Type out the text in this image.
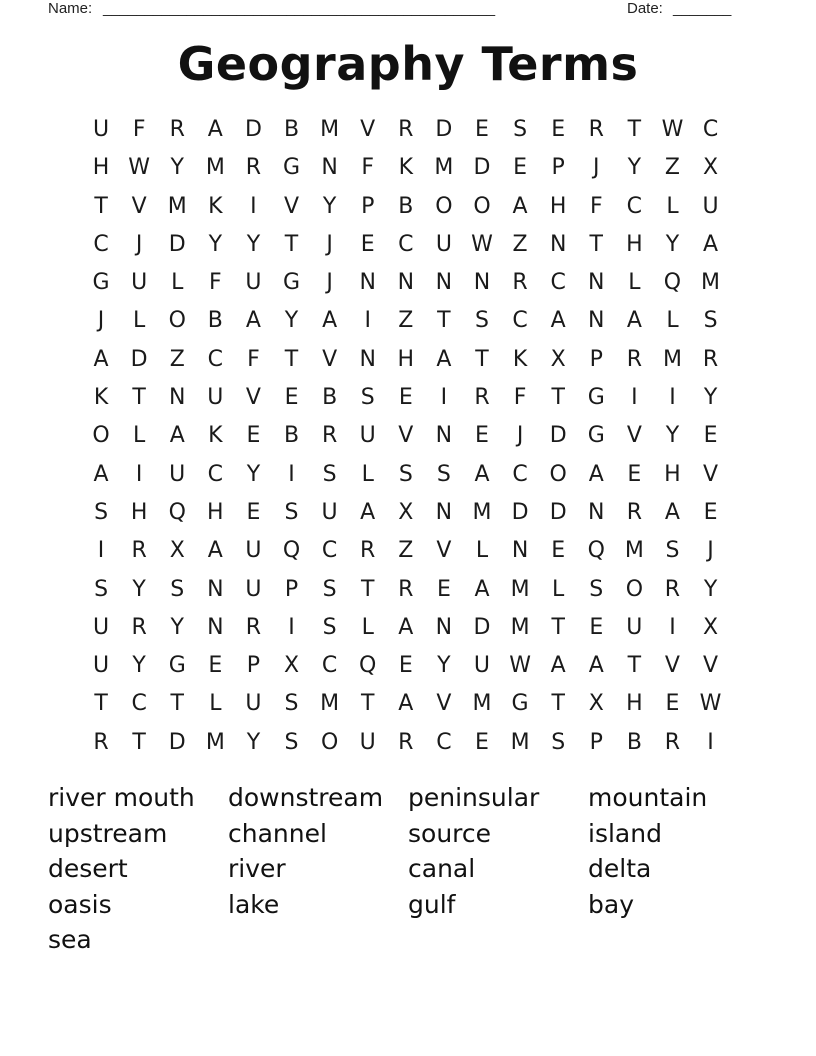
Name: _______________________________________________	Date: _______
Geography Terms
U	F	R	A	D	B M V	R D	E	S	E	R	T W C
H W Y M R G N	F	K M D	E	P	J	Y	Z	X
T	V M K	I	V	Y	P	B O O A	H	F	C	L	U
C	J	D	Y	Y	T	J	E	C	U W Z	N	T	H	Y	A
G U	L	F	U G	J	N N N N	R	C	N	L	Q M
J	L	O B	A	Y	A	I	Z	T	S	C	A	N	A	L	S
A	D	Z	C	F	T	V	N H	A	T	K	X	P	R M R
K	T	N U	V	E	B	S	E	I	R	F	T	G	I	I	Y
O	L	A	K	E	B	R	U	V	N	E	J	D G	V	Y	E
A	I	U	C	Y	I	S	L	S	S	A	C O A	E	H	V
S	H Q H	E	S	U	A	X	N M D D N	R	A	E
I	R	X	A	U Q C	R	Z	V	L	N	E	Q M S	J
S	Y	S	N U	P	S	T	R	E	A M	L	S	O R	Y
U	R	Y	N	R	I	S	L	A	N D M T	E	U	I	X
U	Y	G	E	P	X	C Q	E	Y	U W A	A	T	V	V
T	C	T	L	U	S M T	A	V M G	T	X	H	E W
R	T	D M Y	S	O U	R	C	E M S	P	B	R	I
river mouth	downstream peninsular	mountain
upstream	channel	source	island
desert	river	canal	delta
oasis	lake	gulf	bay
sea
